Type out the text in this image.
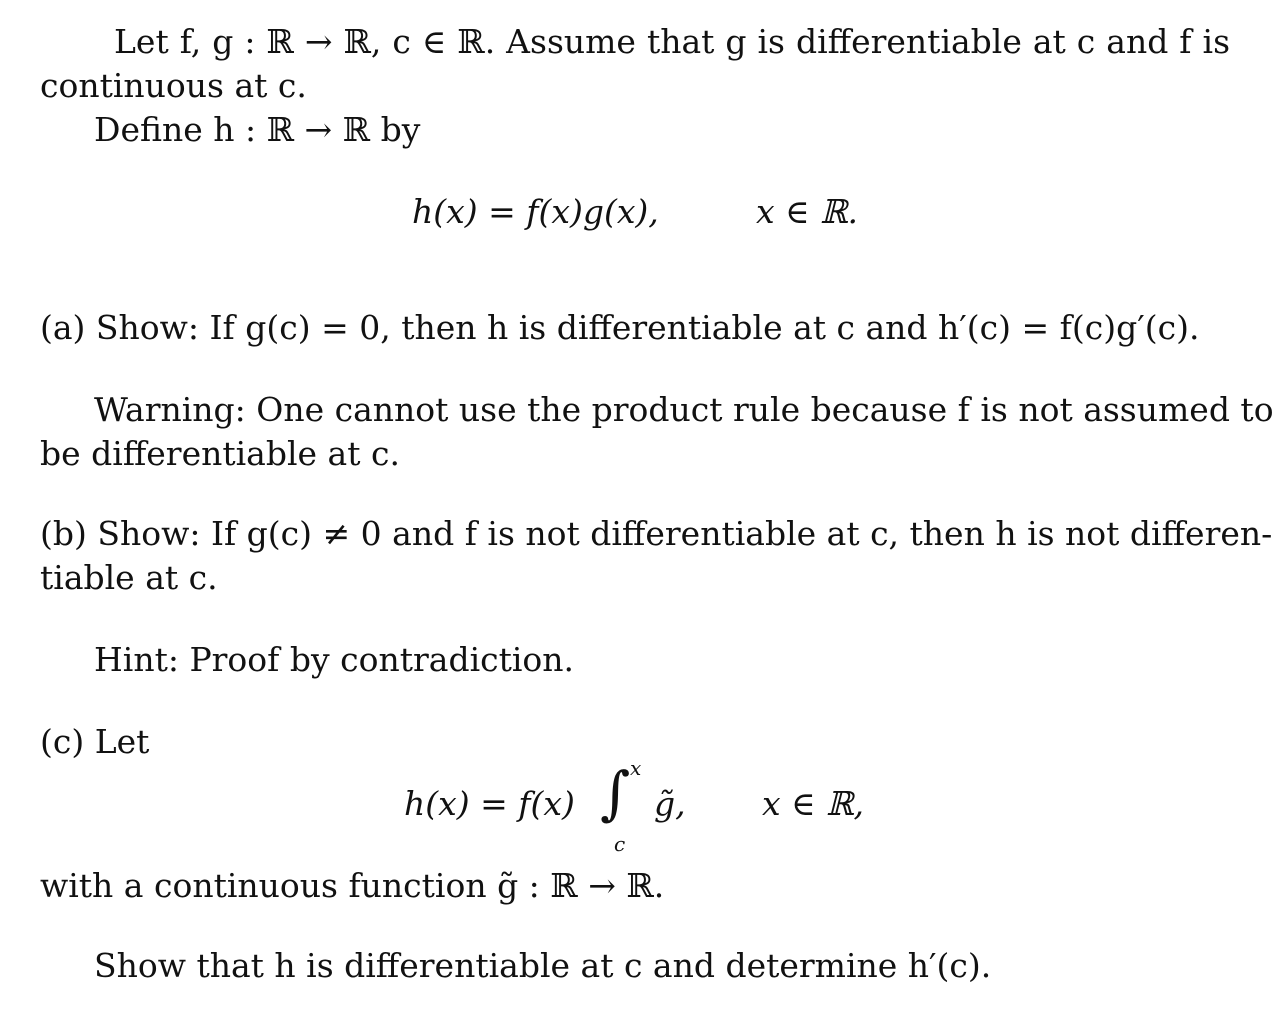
Let f, g : ℝ → ℝ, c ∈ ℝ. Assume that g is differentiable at c and f is
continuous at c.
Define h : ℝ → ℝ by
h(x) = f(x)g(x),	x ∈ ℝ.
(a) Show: If g(c) = 0, then h is differentiable at c and h′(c) = f(c)g′(c).
Warning: One cannot use the product rule because f is not assumed to
be differentiable at c.
(b) Show: If g(c) ≠ 0 and f is not differentiable at c, then h is not differen-
tiable at c.
Hint: Proof by contradiction.
(c) Let
h(x) = f(x) ∫ x
c
g̃, x ∈ ℝ,
with a continuous function g̃ : ℝ → ℝ.
Show that h is differentiable at c and determine h′(c).
